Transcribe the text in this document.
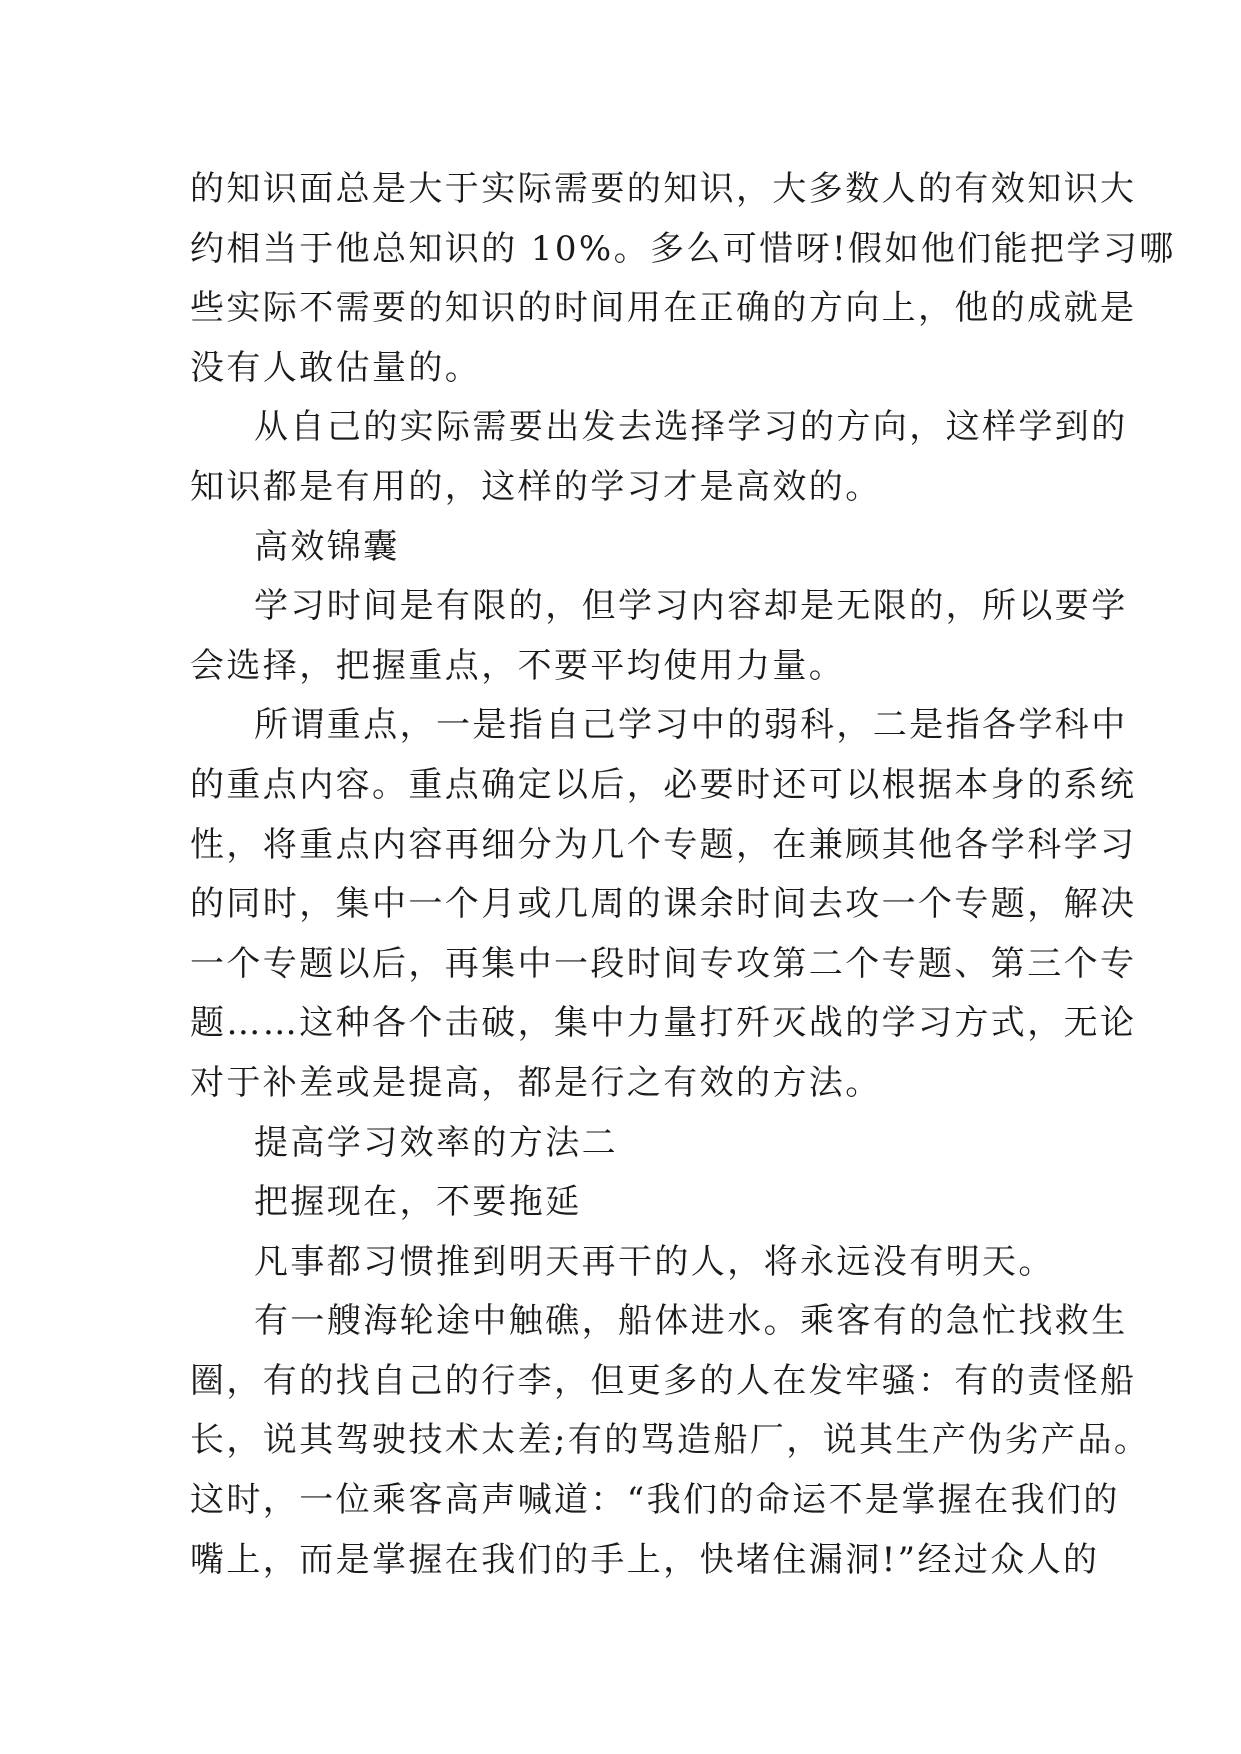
的知识面总是大于实际需要的知识，大多数人的有效知识大
约相当于他总知识的 10%。多么可惜呀!假如他们能把学习哪
些实际不需要的知识的时间用在正确的方向上，他的成就是
没有人敢估量的。
从自己的实际需要出发去选择学习的方向，这样学到的
知识都是有用的，这样的学习才是高效的。
高效锦囊
学习时间是有限的，但学习内容却是无限的，所以要学
会选择，把握重点，不要平均使用力量。
所谓重点，一是指自己学习中的弱科，二是指各学科中
的重点内容。重点确定以后，必要时还可以根据本身的系统
性，将重点内容再细分为几个专题，在兼顾其他各学科学习
的同时，集中一个月或几周的课余时间去攻一个专题，解决
一个专题以后，再集中一段时间专攻第二个专题、第三个专
题……这种各个击破，集中力量打歼灭战的学习方式，无论
对于补差或是提高，都是行之有效的方法。
提高学习效率的方法二
把握现在，不要拖延
凡事都习惯推到明天再干的人，将永远没有明天。
有一艘海轮途中触礁，船体进水。乘客有的急忙找救生
圈，有的找自己的行李，但更多的人在发牢骚：有的责怪船
长，说其驾驶技术太差;有的骂造船厂，说其生产伪劣产品。
这时，一位乘客高声喊道：“我们的命运不是掌握在我们的
嘴上，而是掌握在我们的手上，快堵住漏洞!”经过众人的
